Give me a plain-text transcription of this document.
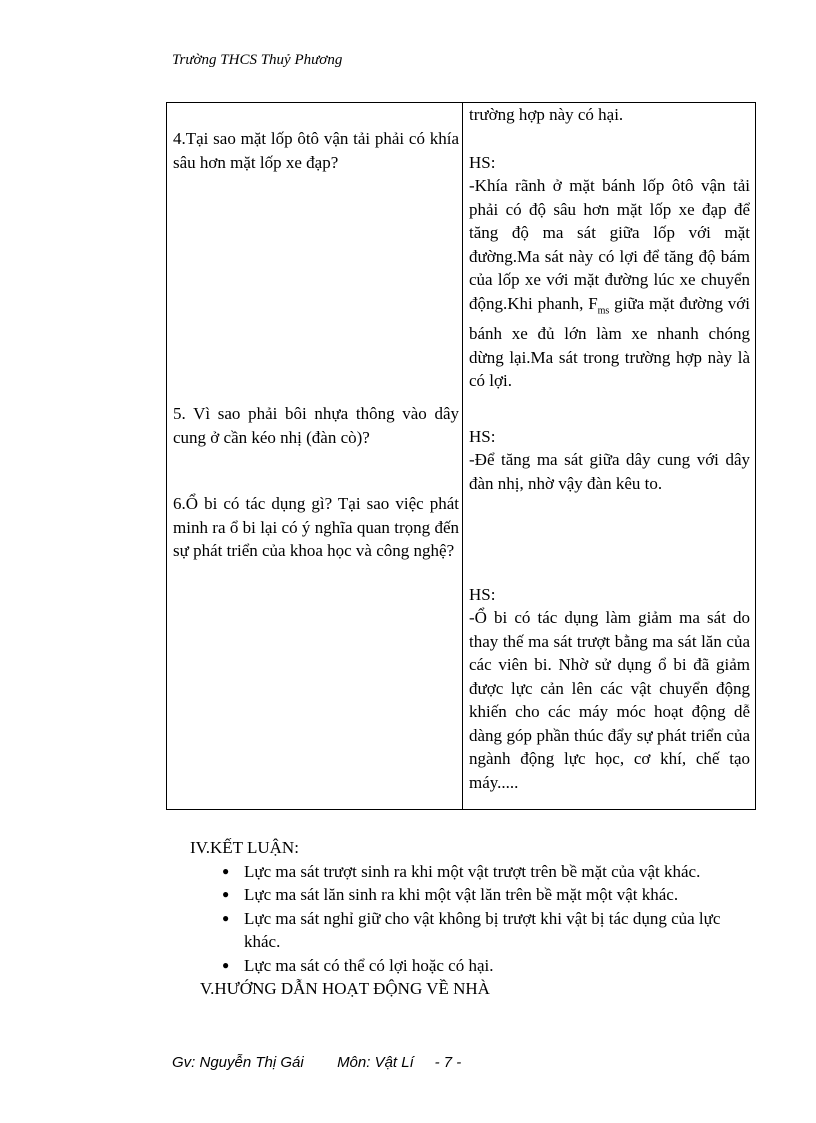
Trường THCS Thuỷ Phương

4.Tại sao mặt lốp ôtô vận tải phải có khía sâu hơn mặt lốp xe đạp?

5. Vì sao phải bôi nhựa thông vào dây cung ở cần kéo nhị (đàn cò)?

6.Ổ bi có tác dụng gì? Tại sao việc phát minh ra ổ bi lại có ý nghĩa quan trọng đến sự phát triển của khoa học và công nghệ?

trường hợp này có hại.

HS:

-Khía rãnh ở mặt bánh lốp ôtô vận tải phải có độ sâu hơn mặt lốp xe đạp để tăng độ ma sát giữa lốp với mặt đường.Ma sát này có lợi để tăng độ bám của lốp xe với mặt đường lúc xe chuyển động.Khi phanh, $F_{ms}$ giữa mặt đường với bánh xe đủ lớn làm xe nhanh chóng dừng lại.Ma sát trong trường hợp này là có lợi.

HS:

-Để tăng ma sát giữa dây cung với dây đàn nhị, nhờ vậy đàn kêu to.

HS:

-Ổ bi có tác dụng làm giảm ma sát do thay thế ma sát trượt bằng ma sát lăn của các viên bi. Nhờ sử dụng ổ bi đã giảm được lực cản lên các vật chuyển động khiến cho các máy móc hoạt động dễ dàng góp phần thúc đẩy sự phát triển của ngành động lực học, cơ khí, chế tạo máy.....

IV.KẾT LUẬN:
● Lực ma sát trượt sinh ra khi một vật trượt trên bề mặt của vật khác.
● Lực ma sát lăn sinh ra khi một vật lăn trên bề mặt một vật khác.
● Lực ma sát nghỉ giữ cho vật không bị trượt khi vật bị tác dụng của lực khác.
● Lực ma sát có thể có lợi hoặc có hại.
V.HƯỚNG DẪN HOẠT ĐỘNG VỀ NHÀ
Gv: Nguyễn Thị Gái Môn: Vật Lí - 7 -
